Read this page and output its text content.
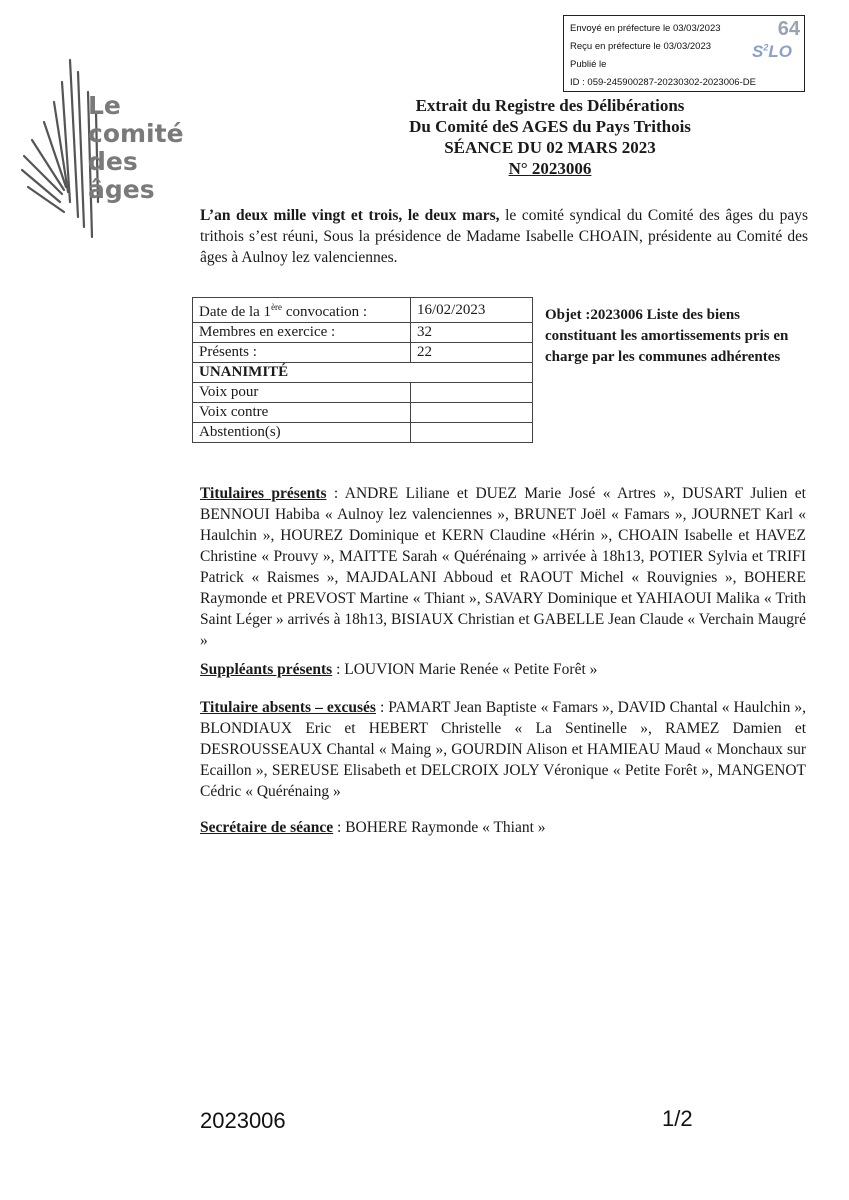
Envoyé en préfecture le 03/03/2023
Reçu en préfecture le 03/03/2023
Publié le
ID : 059-245900287-20230302-2023006-DE
64
$S^2LO$
Le
comité
des
âges
Extrait du Registre des Délibérations
Du Comité deS AGES du Pays Trithois
SÉANCE DU 02 MARS 2023
N° 2023006
L’an deux mille vingt et trois, le deux mars, le comité syndical du Comité des âges du pays trithois s’est réuni, Sous la présidence de Madame Isabelle CHOAIN, présidente au Comité des âges à Aulnoy lez valenciennes.
Date de la 1ère convocation :	16/02/2023
Membres en exercice :	32
Présents :	22
UNANIMITÉ	
Voix pour	
Voix contre	
Abstention(s)	
Objet :2023006 Liste des biens constituant les amortissements pris en charge par les communes adhérentes
Titulaires présents : ANDRE Liliane et DUEZ Marie José « Artres », DUSART Julien et BENNOUI Habiba « Aulnoy lez valenciennes », BRUNET Joël « Famars », JOURNET Karl « Haulchin », HOUREZ Dominique et KERN Claudine «Hérin », CHOAIN Isabelle et HAVEZ Christine « Prouvy », MAITTE Sarah « Quérénaing » arrivée à 18h13, POTIER Sylvia et TRIFI Patrick « Raismes », MAJDALANI Abboud et RAOUT Michel « Rouvignies », BOHERE Raymonde et PREVOST Martine « Thiant », SAVARY Dominique et YAHIAOUI Malika « Trith Saint Léger » arrivés à 18h13, BISIAUX Christian et GABELLE Jean Claude « Verchain Maugré »
Suppléants présents : LOUVION Marie Renée « Petite Forêt »
Titulaire absents – excusés : PAMART Jean Baptiste « Famars », DAVID Chantal « Haulchin », BLONDIAUX Eric et HEBERT Christelle « La Sentinelle », RAMEZ Damien et DESROUSSEAUX Chantal « Maing », GOURDIN Alison et HAMIEAU Maud « Monchaux sur Ecaillon », SEREUSE Elisabeth et DELCROIX JOLY Véronique « Petite Forêt », MANGENOT Cédric « Quérénaing »
Secrétaire de séance : BOHERE Raymonde « Thiant »
2023006	1/2
